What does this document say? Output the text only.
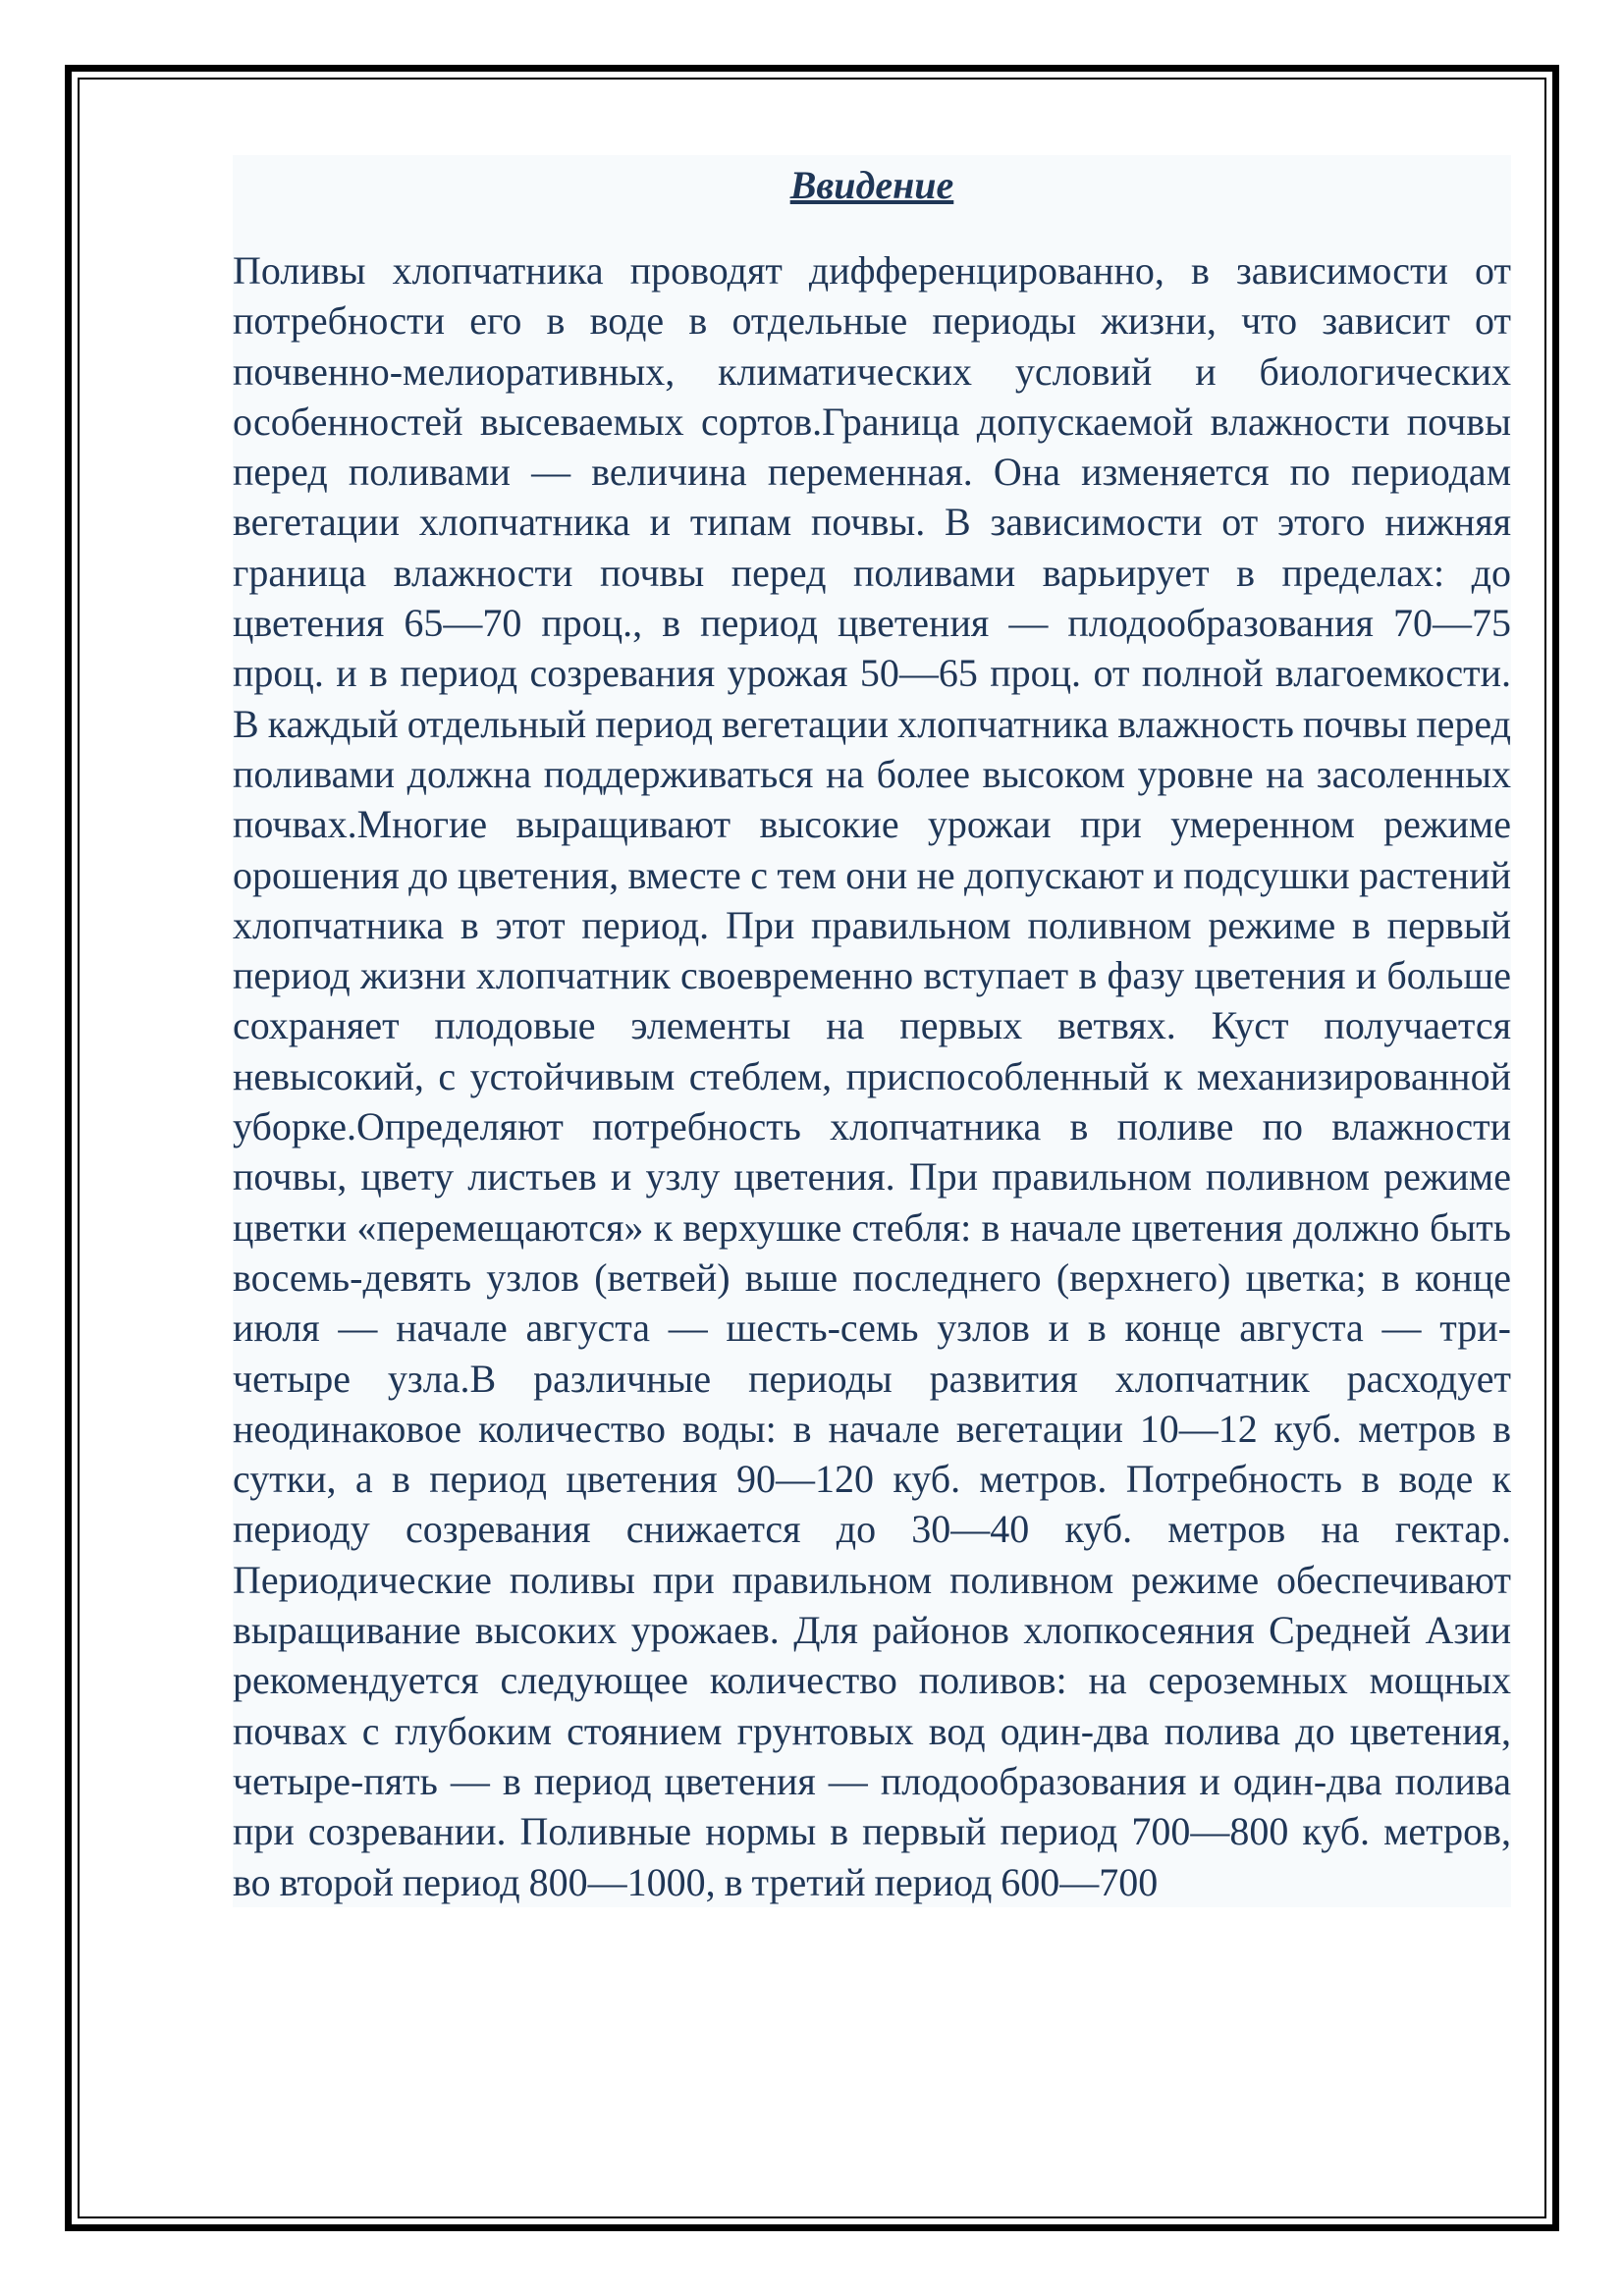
Ввидение

Поливы хлопчатника проводят дифференцированно, в зависимости от потребности его в воде в отдельные периоды жизни, что зависит от почвенно-мелиоративных, климатических условий и биологических особенностей высеваемых сортов.Граница допускаемой влажности почвы перед поливами — величина переменная. Она изменяется по периодам вегетации хлопчатника и типам почвы. В зависимости от этого нижняя граница влажности почвы перед поливами варьирует в пределах: до цветения 65—70 проц., в период цветения — плодообразования 70—75 проц. и в период созревания урожая 50—65 проц. от полной влагоемкости. В каждый отдельный период вегетации хлопчатника влажность почвы перед поливами должна поддерживаться на более высоком уровне на засоленных почвах.Многие выращивают высокие урожаи при умеренном режиме орошения до цветения, вместе с тем они не допускают и подсушки растений хлопчатника в этот период. При правильном поливном режиме в первый период жизни хлопчатник своевременно вступает в фазу цветения и больше сохраняет плодовые элементы на первых ветвях. Куст получается невысокий, с устойчивым стеблем, приспособленный к механизированной уборке.Определяют потребность хлопчатника в поливе по влажности почвы, цвету листьев и узлу цветения. При правильном поливном режиме цветки «перемещаются» к верхушке стебля: в начале цветения должно быть восемь-девять узлов (ветвей) выше последнего (верхнего) цветка; в конце июля — начале августа — шесть-семь узлов и в конце августа — три-четыре узла.В различные периоды развития хлопчатник расходует неодинаковое количество воды: в начале вегетации 10—12 куб. метров в сутки, а в период цветения 90—120 куб. метров. Потребность в воде к периоду созревания снижается до 30—40 куб. метров на гектар. Периодические поливы при правильном поливном режиме обеспечивают выращивание высоких урожаев. Для районов хлопкосеяния Средней Азии рекомендуется следующее количество поливов: на сероземных мощных почвах с глубоким стоянием грунтовых вод один-два полива до цветения, четыре-пять — в период цветения — плодообразования и один-два полива при созревании. Поливные нормы в первый период 700—800 куб. метров, во второй период 800—1000, в третий период 600—700
